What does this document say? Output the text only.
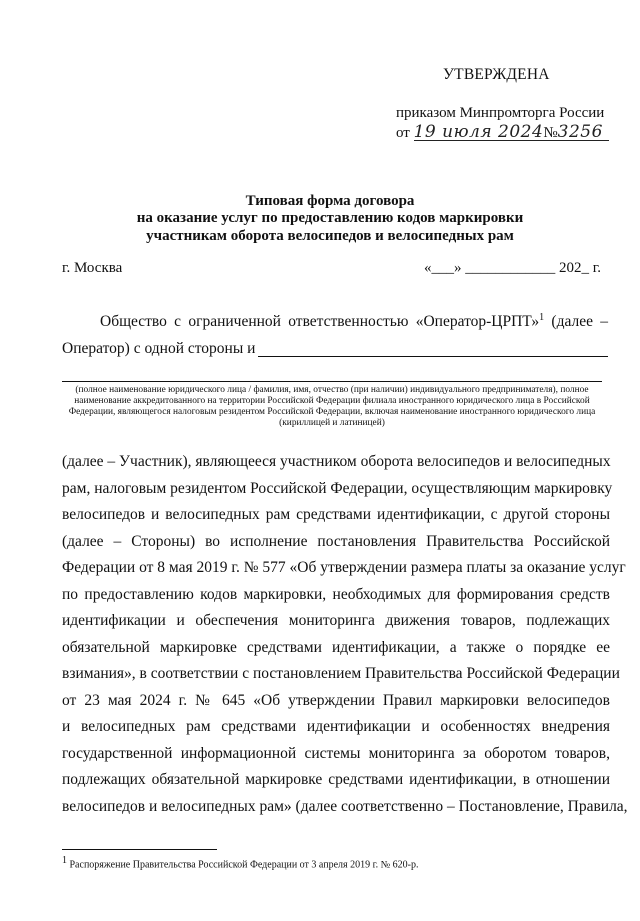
УТВЕРЖДЕНА
приказом Минпромторга России
от 19 июля 2024№3256
Типовая форма договора
на оказание услуг по предоставлению кодов маркировки
участникам оборота велосипедов и велосипедных рам
г. Москва	«___» ____________ 202_ г.
Общество с ограниченной ответственностью «Оператор-ЦРПТ»$^1$ (далее –
Оператор) с одной стороны и
(полное наименование юридического лица / фамилия, имя, отчество (при наличии) индивидуального предпринимателя), полное наименование аккредитованного на территории Российской Федерации филиала иностранного юридического лица в Российской Федерации, являющегося налоговым резидентом Российской Федерации, включая наименование иностранного юридического лица (кириллицей и латиницей)
(далее – Участник), являющееся участником оборота велосипедов и велосипедных
рам, налоговым резидентом Российской Федерации, осуществляющим маркировку
велосипедов и велосипедных рам средствами идентификации, с другой стороны
(далее – Стороны) во исполнение постановления Правительства Российской
Федерации от 8 мая 2019 г. № 577 «Об утверждении размера платы за оказание услуг
по предоставлению кодов маркировки, необходимых для формирования средств
идентификации и обеспечения мониторинга движения товаров, подлежащих
обязательной маркировке средствами идентификации, а также о порядке ее
взимания», в соответствии с постановлением Правительства Российской Федерации
от 23 мая 2024 г. № 645 «Об утверждении Правил маркировки велосипедов
и велосипедных рам средствами идентификации и особенностях внедрения
государственной информационной системы мониторинга за оборотом товаров,
подлежащих обязательной маркировке средствами идентификации, в отношении
велосипедов и велосипедных рам» (далее соответственно – Постановление, Правила,
1 Распоряжение Правительства Российской Федерации от 3 апреля 2019 г. № 620-р.
